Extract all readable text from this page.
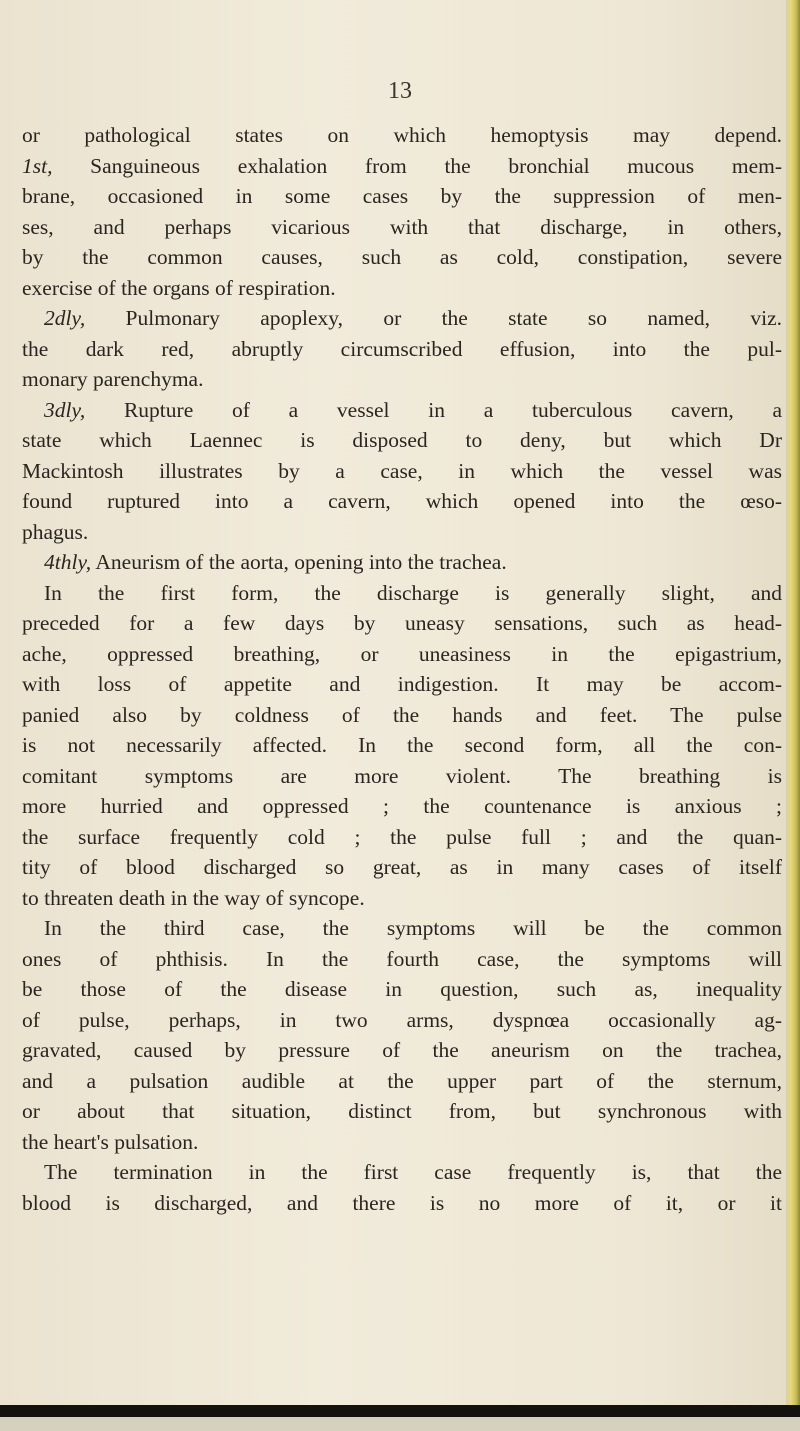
13
or pathological states on which hemoptysis may depend.
1st, Sanguineous exhalation from the bronchial mucous mem-
brane, occasioned in some cases by the suppression of men-
ses, and perhaps vicarious with that discharge, in others,
by the common causes, such as cold, constipation, severe
exercise of the organs of respiration.
2dly, Pulmonary apoplexy, or the state so named, viz.
the dark red, abruptly circumscribed effusion, into the pul-
monary parenchyma.
3dly, Rupture of a vessel in a tuberculous cavern, a
state which Laennec is disposed to deny, but which Dr
Mackintosh illustrates by a case, in which the vessel was
found ruptured into a cavern, which opened into the œso-
phagus.
4thly, Aneurism of the aorta, opening into the trachea.
In the first form, the discharge is generally slight, and
preceded for a few days by uneasy sensations, such as head-
ache, oppressed breathing, or uneasiness in the epigastrium,
with loss of appetite and indigestion. It may be accom-
panied also by coldness of the hands and feet. The pulse
is not necessarily affected. In the second form, all the con-
comitant symptoms are more violent. The breathing is
more hurried and oppressed ; the countenance is anxious ;
the surface frequently cold ; the pulse full ; and the quan-
tity of blood discharged so great, as in many cases of itself
to threaten death in the way of syncope.
In the third case, the symptoms will be the common
ones of phthisis. In the fourth case, the symptoms will
be those of the disease in question, such as, inequality
of pulse, perhaps, in two arms, dyspnœa occasionally ag-
gravated, caused by pressure of the aneurism on the trachea,
and a pulsation audible at the upper part of the sternum,
or about that situation, distinct from, but synchronous with
the heart's pulsation.
The termination in the first case frequently is, that the
blood is discharged, and there is no more of it, or it
